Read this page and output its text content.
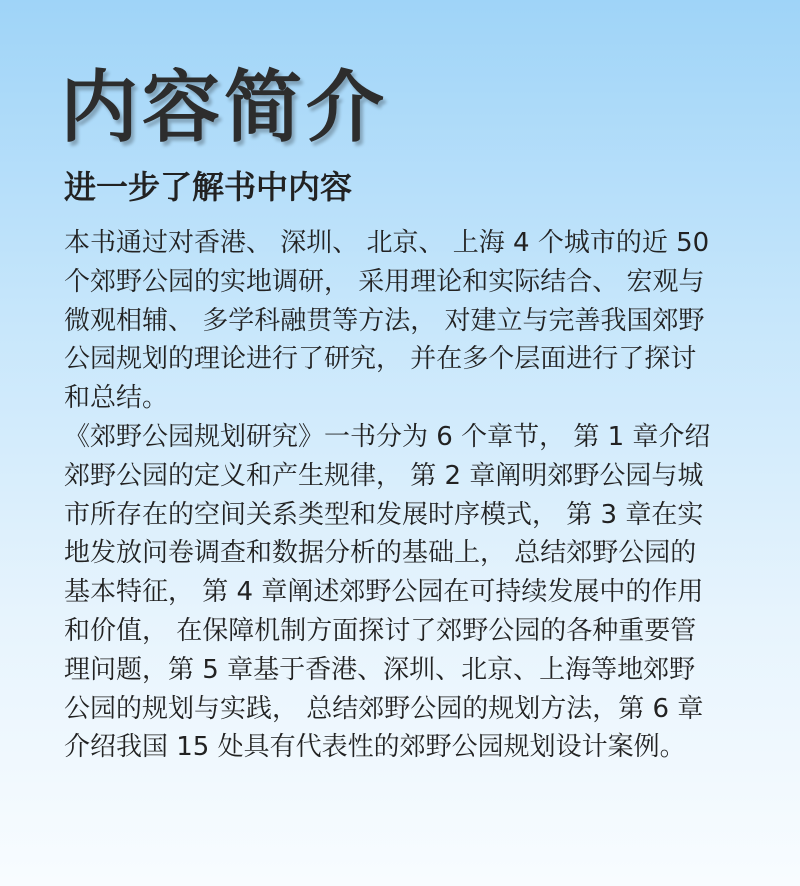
内容简介
进一步了解书中内容
本书通过对香港、 深圳、 北京、 上海 4 个城市的近 50
个郊野公园的实地调研， 采用理论和实际结合、 宏观与
微观相辅、 多学科融贯等方法， 对建立与完善我国郊野
公园规划的理论进行了研究， 并在多个层面进行了探讨
和总结。
《郊野公园规划研究》一书分为 6 个章节， 第 1 章介绍
郊野公园的定义和产生规律， 第 2 章阐明郊野公园与城
市所存在的空间关系类型和发展时序模式， 第 3 章在实
地发放问卷调查和数据分析的基础上， 总结郊野公园的
基本特征， 第 4 章阐述郊野公园在可持续发展中的作用
和价值， 在保障机制方面探讨了郊野公园的各种重要管
理问题，第 5 章基于香港、深圳、北京、上海等地郊野
公园的规划与实践， 总结郊野公园的规划方法，第 6 章
介绍我国 15 处具有代表性的郊野公园规划设计案例。
